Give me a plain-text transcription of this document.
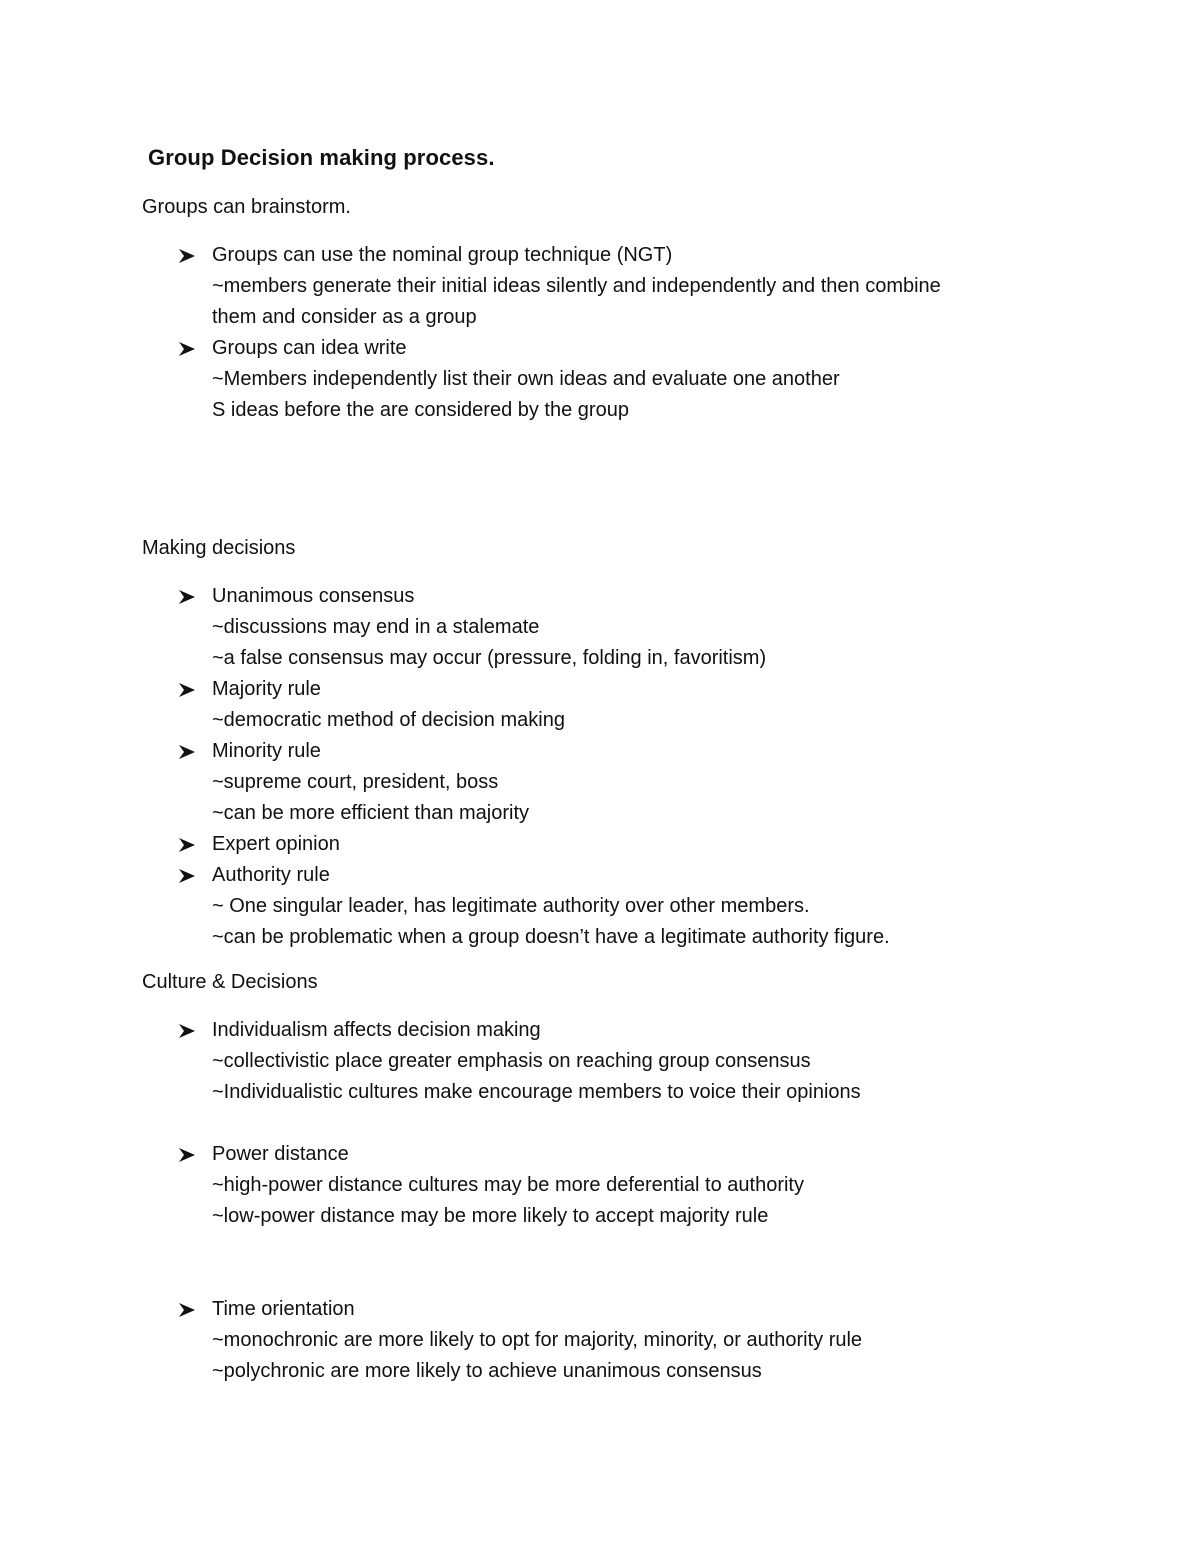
Group Decision making process.
Groups can brainstorm.
Groups can use the nominal group technique (NGT)
~members generate their initial ideas silently and independently and then combine
them and consider as a group
Groups can idea write
~Members independently list their own ideas and evaluate one another
S ideas before the are considered by the group
Making decisions
Unanimous consensus
~discussions may end in a stalemate
~a false consensus may occur (pressure, folding in, favoritism)
Majority rule
~democratic method of decision making
Minority rule
~supreme court, president, boss
~can be more efficient than majority
Expert opinion
Authority rule
~ One singular leader, has legitimate authority over other members.
~can be problematic when a group doesn’t have a legitimate authority figure.
Culture & Decisions
Individualism affects decision making
~collectivistic place greater emphasis on reaching group consensus
~Individualistic cultures make encourage members to voice their opinions
Power distance
~high-power distance cultures may be more deferential to authority
~low-power distance may be more likely to accept majority rule
Time orientation
~monochronic are more likely to opt for majority, minority, or authority rule
~polychronic are more likely to achieve unanimous consensus
